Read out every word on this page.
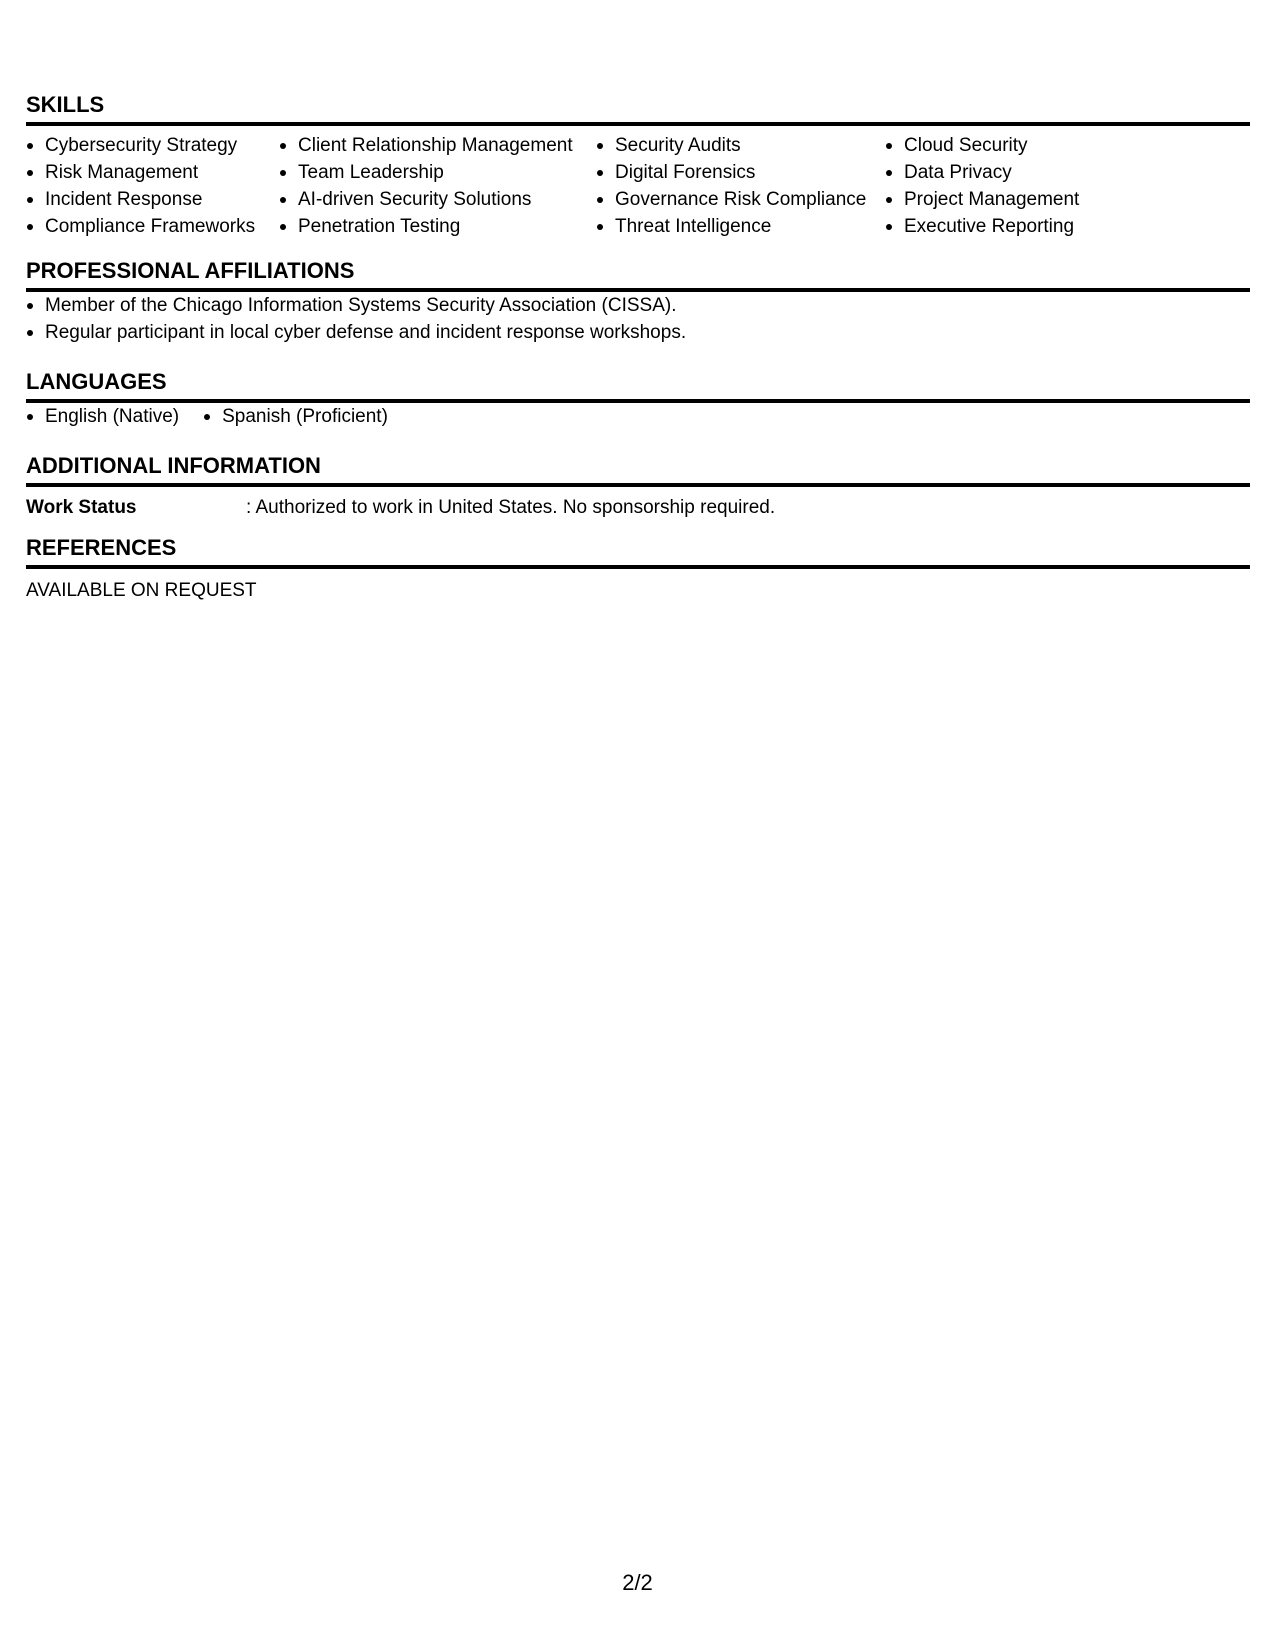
SKILLS
Cybersecurity Strategy
Risk Management
Incident Response
Compliance Frameworks
Client Relationship Management
Team Leadership
AI-driven Security Solutions
Penetration Testing
Security Audits
Digital Forensics
Governance Risk Compliance
Threat Intelligence
Cloud Security
Data Privacy
Project Management
Executive Reporting
PROFESSIONAL AFFILIATIONS
Member of the Chicago Information Systems Security Association (CISSA).
Regular participant in local cyber defense and incident response workshops.
LANGUAGES
English (Native)	Spanish (Proficient)
ADDITIONAL INFORMATION
Work Status	: Authorized to work in United States. No sponsorship required.
REFERENCES
AVAILABLE ON REQUEST
2/2
